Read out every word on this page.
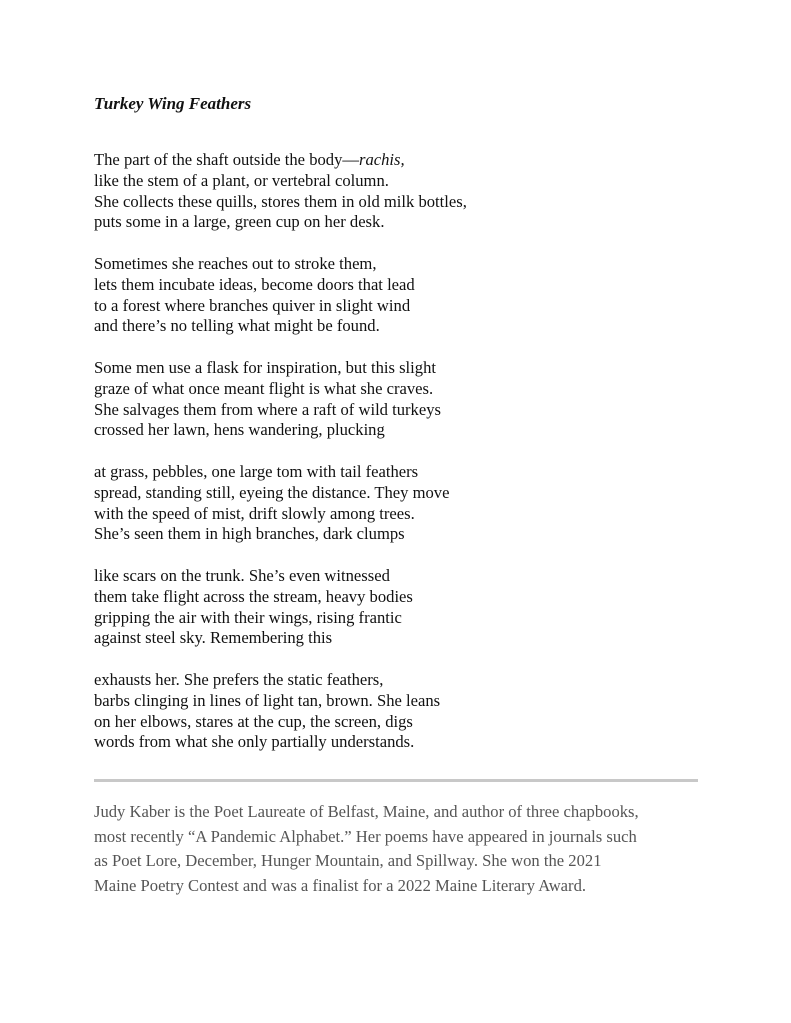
Turkey Wing Feathers
The part of the shaft outside the body—rachis,
like the stem of a plant, or vertebral column.
She collects these quills, stores them in old milk bottles,
puts some in a large, green cup on her desk.
Sometimes she reaches out to stroke them,
lets them incubate ideas, become doors that lead
to a forest where branches quiver in slight wind
and there’s no telling what might be found.
Some men use a flask for inspiration, but this slight
graze of what once meant flight is what she craves.
She salvages them from where a raft of wild turkeys
crossed her lawn, hens wandering, plucking
at grass, pebbles, one large tom with tail feathers
spread, standing still, eyeing the distance. They move
with the speed of mist, drift slowly among trees.
She’s seen them in high branches, dark clumps
like scars on the trunk. She’s even witnessed
them take flight across the stream, heavy bodies
gripping the air with their wings, rising frantic
against steel sky. Remembering this
exhausts her. She prefers the static feathers,
barbs clinging in lines of light tan, brown. She leans
on her elbows, stares at the cup, the screen, digs
words from what she only partially understands.
Judy Kaber is the Poet Laureate of Belfast, Maine, and author of three chapbooks,
most recently “A Pandemic Alphabet.” Her poems have appeared in journals such
as Poet Lore, December, Hunger Mountain, and Spillway. She won the 2021
Maine Poetry Contest and was a finalist for a 2022 Maine Literary Award.
